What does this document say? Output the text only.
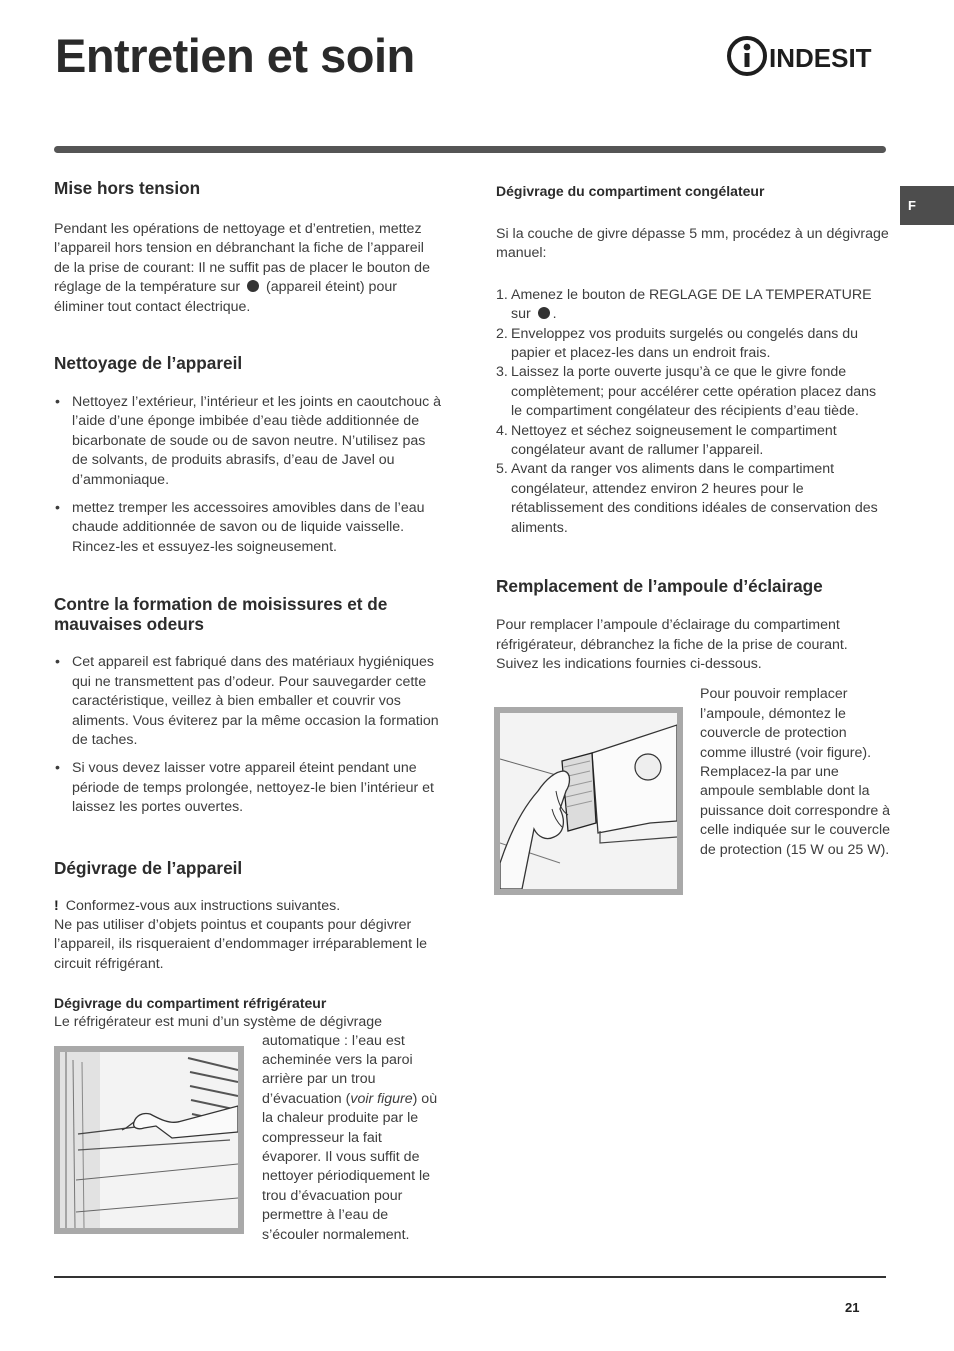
Entretien et soin	INDESIT
F
Mise hors tension

Pendant les opérations de nettoyage et d’entretien, mettez l’appareil hors tension en débranchant la fiche de l’appareil de la prise de courant: Il ne suffit pas de placer le bouton de réglage de la température sur (appareil éteint) pour éliminer tout contact électrique.

Nettoyage de l’appareil
• Nettoyez l’extérieur, l’intérieur et les joints en caoutchouc à l’aide d’une éponge imbibée d’eau tiède additionnée de bicarbonate de soude ou de savon neutre. N’utilisez pas de solvants, de produits abrasifs, d’eau de Javel ou d’ammoniaque.
• mettez tremper les accessoires amovibles dans de l’eau chaude additionnée de savon ou de liquide vaisselle. Rincez-les et essuyez-les soigneusement.
Contre la formation de moisissures et de mauvaises odeurs
• Cet appareil est fabriqué dans des matériaux hygiéniques qui ne transmettent pas d’odeur. Pour sauvegarder cette caractéristique, veillez à bien emballer et couvrir vos aliments. Vous éviterez par la même occasion la formation de taches.
• Si vous devez laisser votre appareil éteint pendant une période de temps prolongée, nettoyez-le bien l’intérieur et laissez les portes ouvertes.
Dégivrage de l’appareil

! Conformez-vous aux instructions suivantes.

Ne pas utiliser d’objets pointus et coupants pour dégivrer l’appareil, ils risqueraient d’endommager irréparablement le circuit réfrigérant.

Dégivrage du compartiment réfrigérateur

Le réfrigérateur est muni d’un système de dégivrage

automatique : l’eau est acheminée vers la paroi arrière par un trou d’évacuation (voir figure) où la chaleur produite par le compresseur la fait évaporer. Il vous suffit de nettoyer périodiquement le trou d’évacuation pour permettre à l’eau de s’écouler normalement.

Dégivrage du compartiment congélateur

Si la couche de givre dépasse 5 mm, procédez à un dégivrage manuel:

1. Amenez le bouton de REGLAGE DE LA TEMPERATURE sur .
2. Enveloppez vos produits surgelés ou congelés dans du papier et placez-les dans un endroit frais.
3. Laissez la porte ouverte jusqu’à ce que le givre fonde complètement; pour accélérer cette opération placez dans le compartiment congélateur des récipients d’eau tiède.
4. Nettoyez et séchez soigneusement le compartiment congélateur avant de rallumer l’appareil.
5. Avant da ranger vos aliments dans le compartiment congélateur, attendez environ 2 heures pour le rétablissement des conditions idéales de conservation des aliments.
Remplacement de l’ampoule d’éclairage

Pour remplacer l’ampoule d’éclairage du compartiment réfrigérateur, débranchez la fiche de la prise de courant. Suivez les indications fournies ci-dessous.

Pour pouvoir remplacer l’ampoule, démontez le couvercle de protection comme illustré (voir figure). Remplacez-la par une ampoule semblable dont la puissance doit correspondre à celle indiquée sur le couvercle de protection (15 W ou 25 W).

21
